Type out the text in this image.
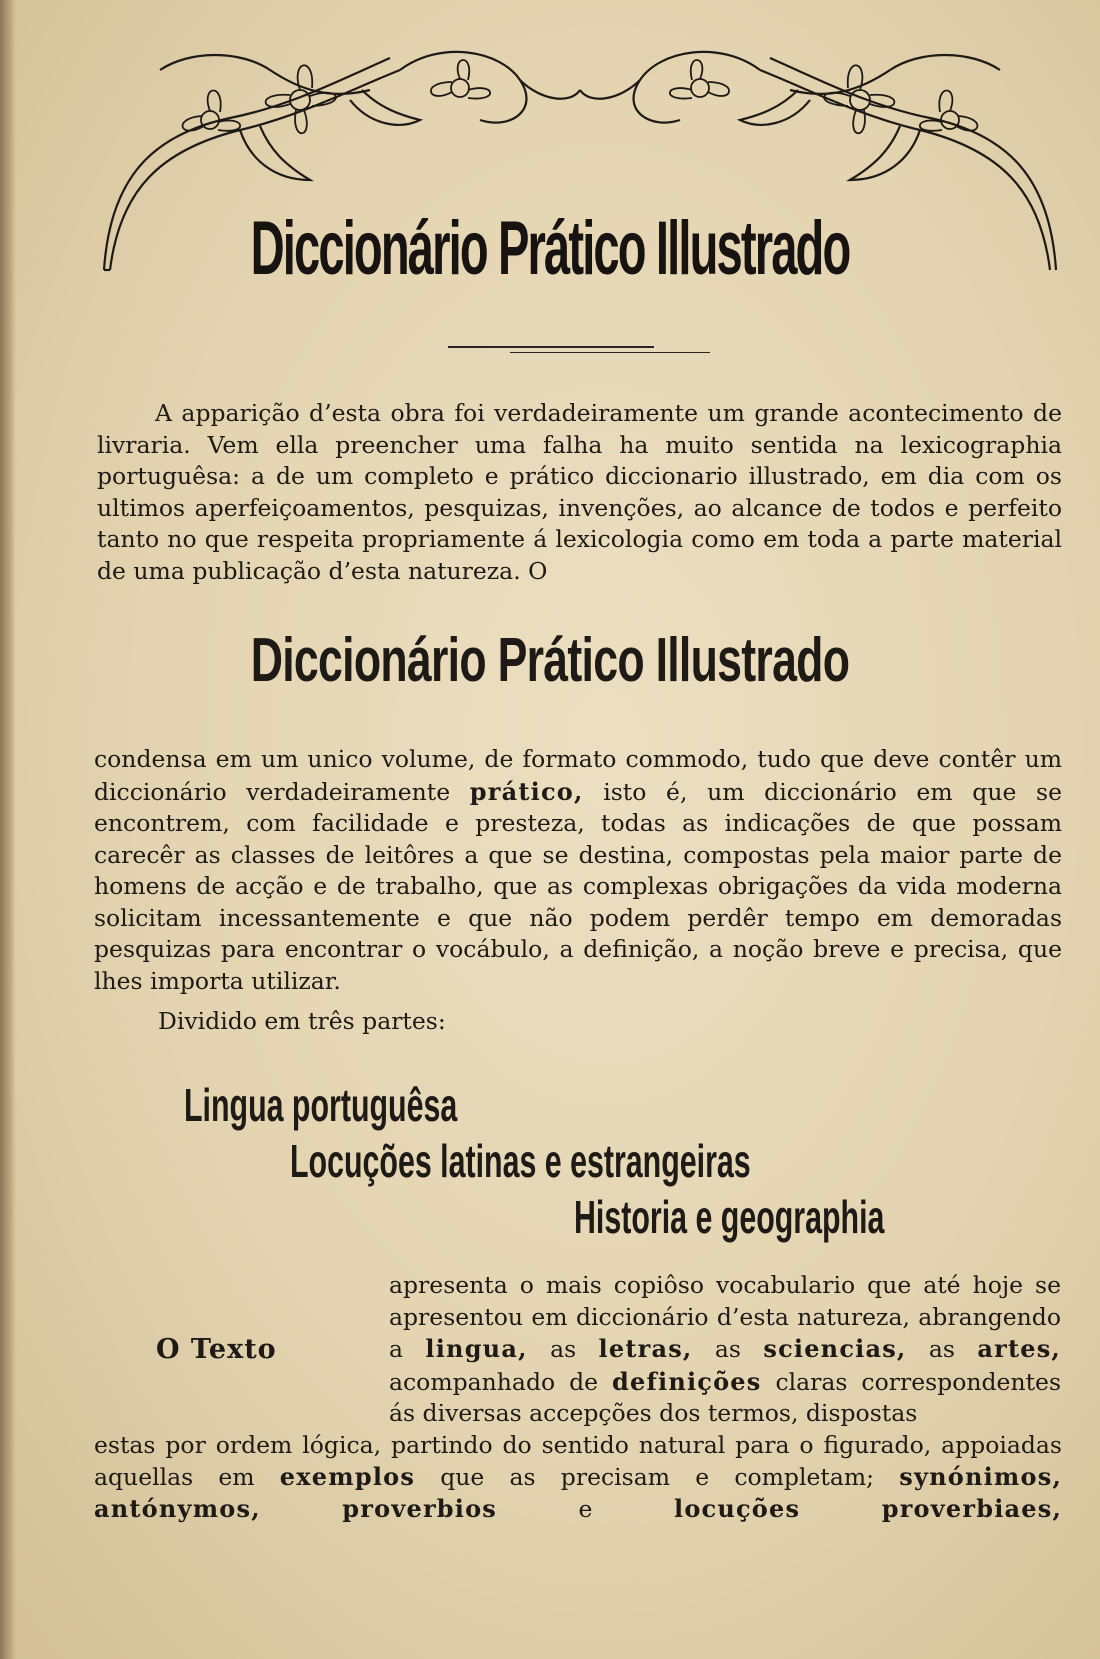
Diccionário Prático Illustrado
A apparição d’esta obra foi verdadeiramente um grande acontecimento de livraria. Vem ella preencher uma falha ha muito sentida na lexicographia portuguêsa: a de um completo e prático diccionario illustrado, em dia com os ultimos aperfeiçoamentos, pesquizas, invenções, ao alcance de todos e perfeito tanto no que respeita propriamente á lexicologia como em toda a parte material de uma publicação d’esta natureza. O
Diccionário Prático Illustrado
condensa em um unico volume, de formato commodo, tudo que deve contêr um diccionário verdadeiramente prático, isto é, um diccionário em que se encontrem, com facilidade e presteza, todas as indicações de que possam carecêr as classes de leitôres a que se destina, compostas pela maior parte de homens de acção e de trabalho, que as complexas obrigações da vida moderna solicitam incessantemente e que não podem perdêr tempo em demoradas pesquizas para encontrar o vocábulo, a definição, a noção breve e precisa, que lhes importa utilizar.
Dividido em três partes:
Lingua portuguêsa
Locuções latinas e estrangeiras
Historia e geographia
O Texto
apresenta o mais copiôso vocabulario que até hoje se apresentou em diccionário d’esta natureza, abrangendo a lingua, as letras, as sciencias, as artes, acompanhado de definições claras correspondentes ás diversas accepções dos termos, dispostas
estas por ordem lógica, partindo do sentido natural para o figurado, appoiadas
aquellas em exemplos que as precisam e completam; synónimos,
antónymos, proverbios e locuções proverbiaes,
